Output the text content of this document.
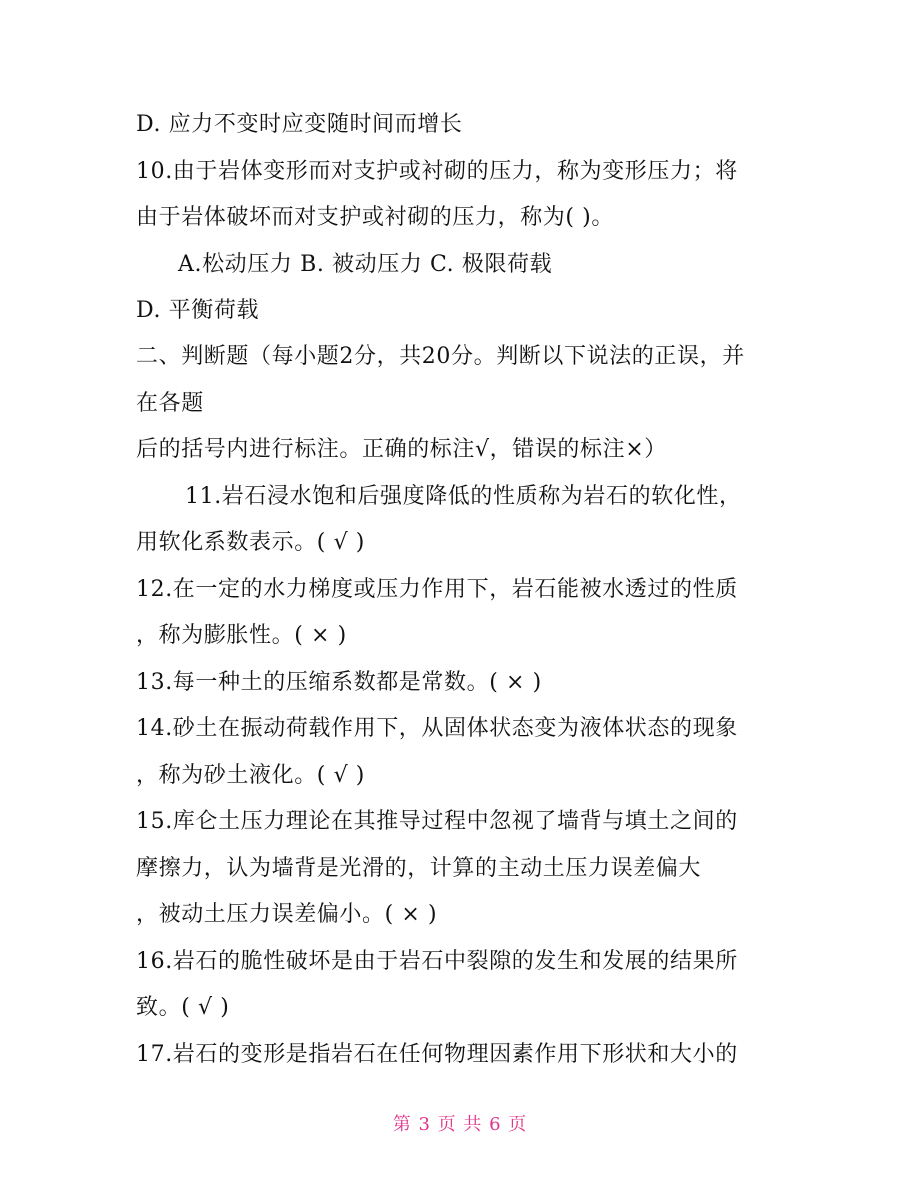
D. 应力不变时应变随时间而增长
10.由于岩体变形而对支护或衬砌的压力，称为变形压力；将
由于岩体破坏而对支护或衬砌的压力，称为( )。
A.松动压力 B. 被动压力 C. 极限荷载
D. 平衡荷载
二、判断题（每小题2分，共20分。判断以下说法的正误，并
在各题
后的括号内进行标注。正确的标注√，错误的标注×）
11.岩石浸水饱和后强度降低的性质称为岩石的软化性，
用软化系数表示。( √ )
12.在一定的水力梯度或压力作用下，岩石能被水透过的性质
，称为膨胀性。( × )
13.每一种土的压缩系数都是常数。( × )
14.砂土在振动荷载作用下，从固体状态变为液体状态的现象
，称为砂土液化。( √ )
15.库仑土压力理论在其推导过程中忽视了墙背与填土之间的
摩擦力，认为墙背是光滑的，计算的主动土压力误差偏大
，被动土压力误差偏小。( × )
16.岩石的脆性破坏是由于岩石中裂隙的发生和发展的结果所
致。( √ )
17.岩石的变形是指岩石在任何物理因素作用下形状和大小的
第 3 页 共 6 页
